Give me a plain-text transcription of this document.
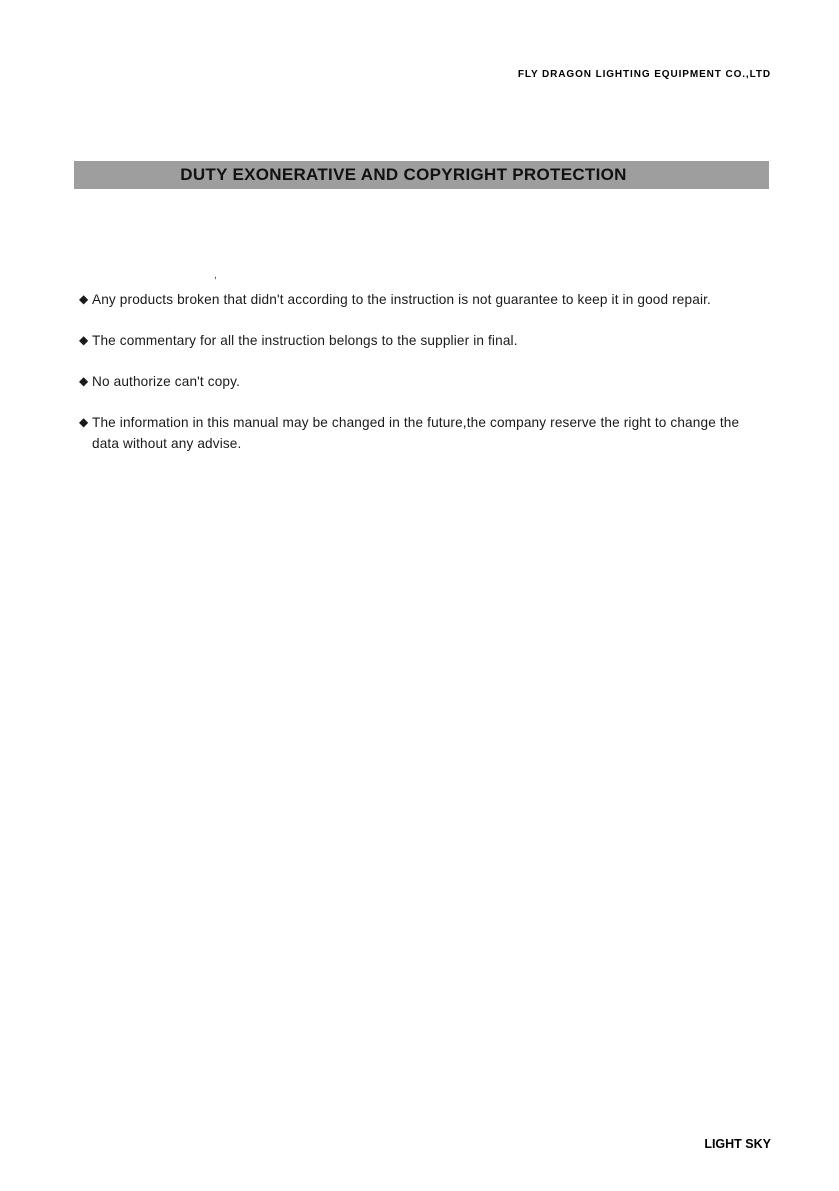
FLY DRAGON LIGHTING EQUIPMENT CO.,LTD
DUTY EXONERATIVE AND COPYRIGHT PROTECTION
,
◆ Any products broken that didn't according to the instruction is not guarantee to keep it in good repair.
◆ The commentary for all the instruction belongs to the supplier in final.
◆ No authorize can't copy.
◆ The information in this manual may be changed in the future,the company reserve the right to change the data without any advise.
LIGHT SKY
